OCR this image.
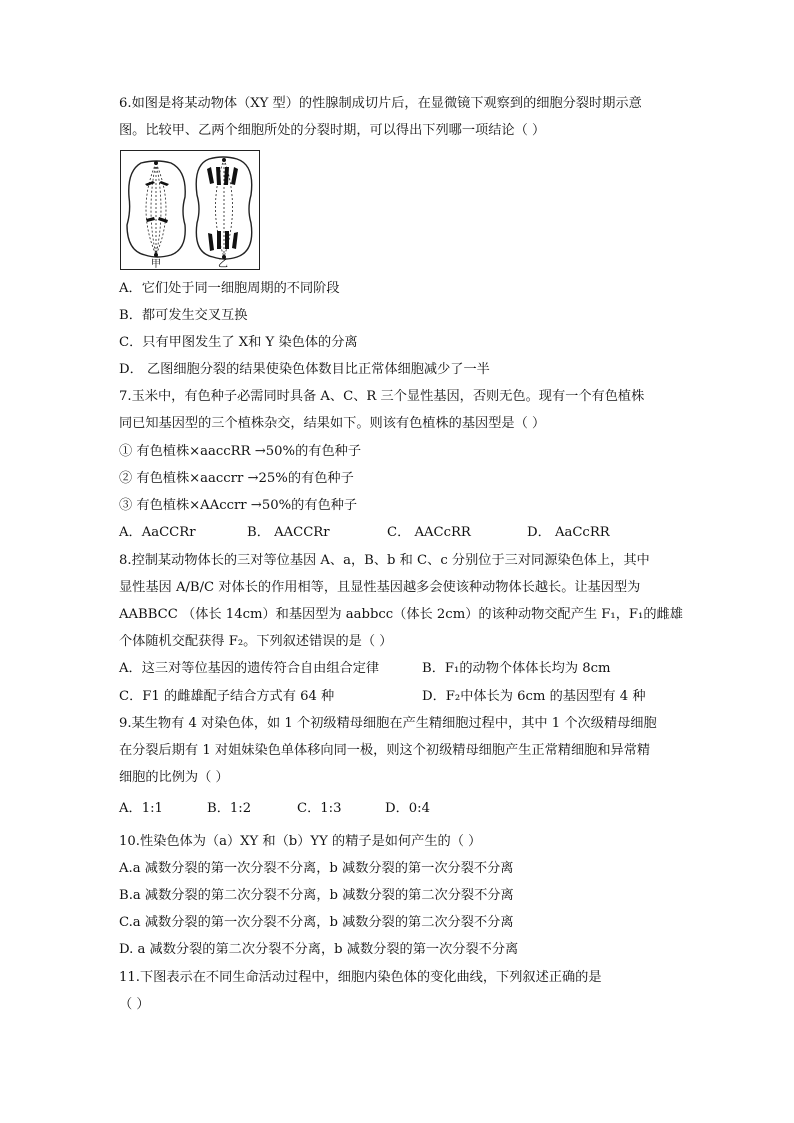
6.如图是将某动物体（XY 型）的性腺制成切片后，在显微镜下观察到的细胞分裂时期示意
图。比较甲、乙两个细胞所处的分裂时期，可以得出下列哪一项结论（ ）
甲	乙
A．它们处于同一细胞周期的不同阶段
B．都可发生交叉互换
C．只有甲图发生了 X和 Y 染色体的分离
D． 乙图细胞分裂的结果使染色体数目比正常体细胞减少了一半
7.玉米中，有色种子必需同时具备 A、C、R 三个显性基因，否则无色。现有一个有色植株
同已知基因型的三个植株杂交，结果如下。则该有色植株的基因型是（ ）
① 有色植株×aaccRR →50%的有色种子
② 有色植株×aaccrr →25%的有色种子
③ 有色植株×AAccrr →50%的有色种子
A．AaCCRr	B． AACCRr	C． AACcRR	D． AaCcRR
8.控制某动物体长的三对等位基因 A、a，B、b 和 C、c 分别位于三对同源染色体上，其中
显性基因 A/B/C 对体长的作用相等，且显性基因越多会使该种动物体长越长。让基因型为
AABBCC （体长 14cm）和基因型为 aabbcc（体长 2cm）的该种动物交配产生 F₁，F₁的雌雄
个体随机交配获得 F₂。下列叙述错误的是（ ）
A．这三对等位基因的遗传符合自由组合定律	B．F₁的动物个体体长均为 8cm
C．F1 的雌雄配子结合方式有 64 种	D．F₂中体长为 6cm 的基因型有 4 种
9.某生物有 4 对染色体，如 1 个初级精母细胞在产生精细胞过程中，其中 1 个次级精母细胞
在分裂后期有 1 对姐妹染色单体移向同一极，则这个初级精母细胞产生正常精细胞和异常精
细胞的比例为（ ）
A．1:1	B．1:2	C．1:3	D．0:4
10.性染色体为（a）XY 和（b）YY 的精子是如何产生的（ ）
A.a 减数分裂的第一次分裂不分离，b 减数分裂的第一次分裂不分离
B.a 减数分裂的第二次分裂不分离，b 减数分裂的第二次分裂不分离
C.a 减数分裂的第一次分裂不分离，b 减数分裂的第二次分裂不分离
D. a 减数分裂的第二次分裂不分离，b 减数分裂的第一次分裂不分离
11.下图表示在不同生命活动过程中，细胞内染色体的变化曲线，下列叙述正确的是
（ ）
